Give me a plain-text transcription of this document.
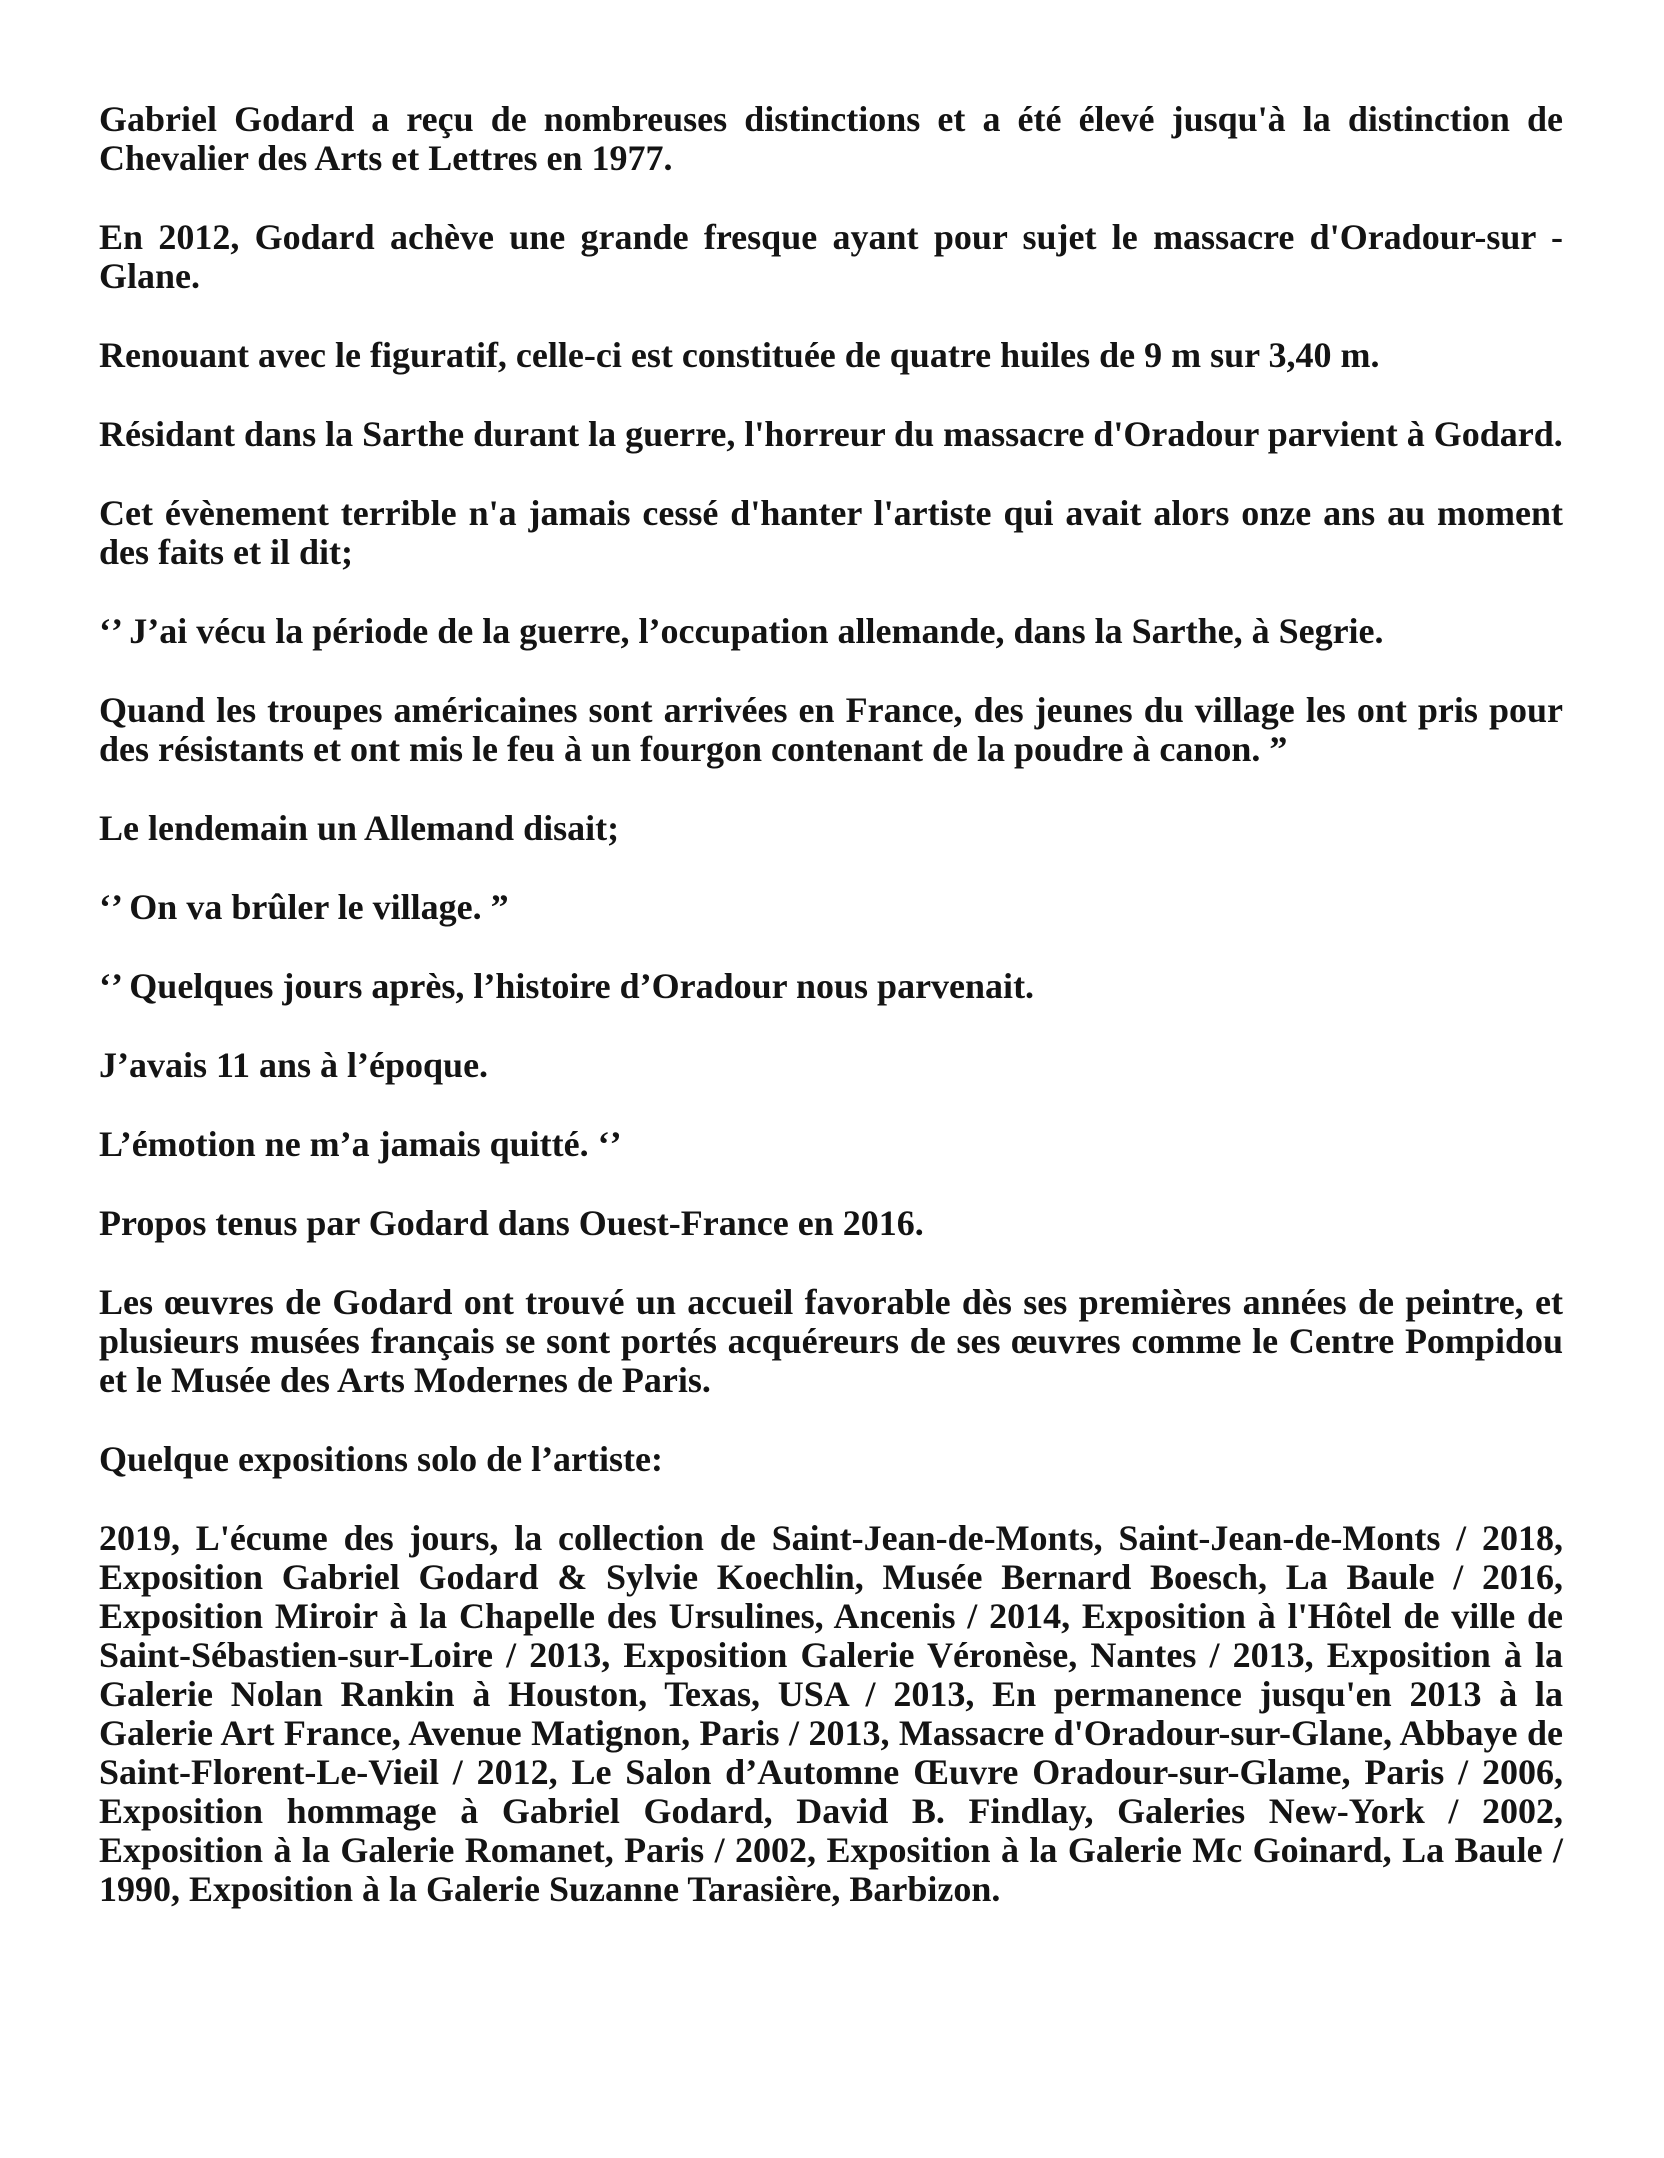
Gabriel Godard a reçu de nombreuses distinctions et a été élevé jusqu'à la distinction de Chevalier des Arts et Lettres en 1977.

En 2012, Godard achève une grande fresque ayant pour sujet le massacre d'Oradour-sur -Glane.

Renouant avec le figuratif, celle-ci est constituée de quatre huiles de 9 m sur 3,40 m.

Résidant dans la Sarthe durant la guerre, l'horreur du massacre d'Oradour parvient à Godard.

Cet évènement terrible n'a jamais cessé d'hanter l'artiste qui avait alors onze ans au moment des faits et il dit;

‘’ J’ai vécu la période de la guerre, l’occupation allemande, dans la Sarthe, à Segrie.

Quand les troupes américaines sont arrivées en France, des jeunes du village les ont pris pour des résistants et ont mis le feu à un fourgon contenant de la poudre à canon. ”

Le lendemain un Allemand disait;

‘’ On va brûler le village. ”

‘’ Quelques jours après, l’histoire d’Oradour nous parvenait.

J’avais 11 ans à l’époque.

L’émotion ne m’a jamais quitté. ‘’

Propos tenus par Godard dans Ouest-France en 2016.

Les œuvres de Godard ont trouvé un accueil favorable dès ses premières années de peintre, et plusieurs musées français se sont portés acquéreurs de ses œuvres comme le Centre Pompidou et le Musée des Arts Modernes de Paris.

Quelque expositions solo de l’artiste:

2019, L'écume des jours, la collection de Saint-Jean-de-Monts, Saint-Jean-de-Monts / 2018, Exposition Gabriel Godard & Sylvie Koechlin, Musée Bernard Boesch, La Baule / 2016, Exposition Miroir à la Chapelle des Ursulines, Ancenis / 2014, Exposition à l'Hôtel de ville de Saint-Sébastien-sur-Loire / 2013, Exposition Galerie Véronèse, Nantes / 2013, Exposition à la Galerie Nolan Rankin à Houston, Texas, USA / 2013, En permanence jusqu'en 2013 à la Galerie Art France, Avenue Matignon, Paris / 2013, Massacre d'Oradour-sur-Glane, Abbaye de Saint-Florent-Le-Vieil / 2012, Le Salon d’Automne Œuvre Oradour-sur-Glame, Paris / 2006, Exposition hommage à Gabriel Godard, David B. Findlay, Galeries New-York / 2002, Exposition à la Galerie Romanet, Paris / 2002, Exposition à la Galerie Mc Goinard, La Baule / 1990, Exposition à la Galerie Suzanne Tarasière, Barbizon.
